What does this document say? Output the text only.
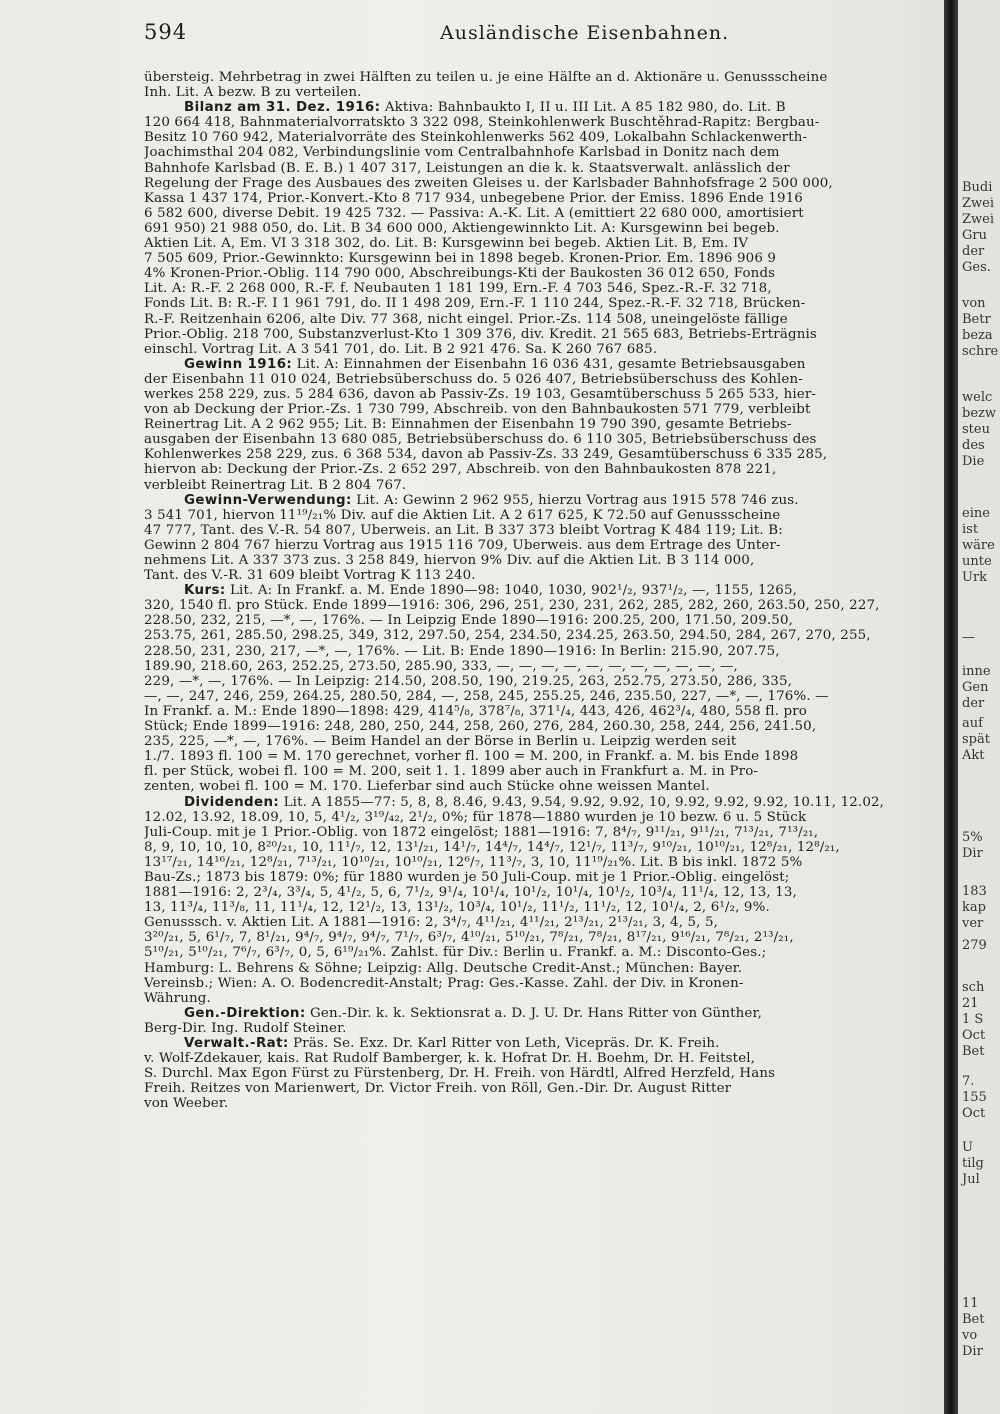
594	Ausländische Eisenbahnen.
übersteig. Mehrbetrag in zwei Hälften zu teilen u. je eine Hälfte an d. Aktionäre u. Genussscheine
Inh. Lit. A bezw. B zu verteilen.
Bilanz am 31. Dez. 1916: Aktiva: Bahnbaukto I, II u. III Lit. A 85 182 980, do. Lit. B
120 664 418, Bahnmaterialvorratskto 3 322 098, Steinkohlenwerk Buschtěhrad-Rapitz: Bergbau-
Besitz 10 760 942, Materialvorräte des Steinkohlenwerks 562 409, Lokalbahn Schlackenwerth-
Joachimsthal 204 082, Verbindungslinie vom Centralbahnhofe Karlsbad in Donitz nach dem
Bahnhofe Karlsbad (B. E. B.) 1 407 317, Leistungen an die k. k. Staatsverwalt. anlässlich der
Regelung der Frage des Ausbaues des zweiten Gleises u. der Karlsbader Bahnhofsfrage 2 500 000,
Kassa 1 437 174, Prior.-Konvert.-Kto 8 717 934, unbegebene Prior. der Emiss. 1896 Ende 1916
6 582 600, diverse Debit. 19 425 732. — Passiva: A.-K. Lit. A (emittiert 22 680 000, amortisiert
691 950) 21 988 050, do. Lit. B 34 600 000, Aktiengewinnkto Lit. A: Kursgewinn bei begeb.
Aktien Lit. A, Em. VI 3 318 302, do. Lit. B: Kursgewinn bei begeb. Aktien Lit. B, Em. IV
7 505 609, Prior.-Gewinnkto: Kursgewinn bei in 1898 begeb. Kronen-Prior. Em. 1896 906 9
4% Kronen-Prior.-Oblig. 114 790 000, Abschreibungs-Kti der Baukosten 36 012 650, Fonds
Lit. A: R.-F. 2 268 000, R.-F. f. Neubauten 1 181 199, Ern.-F. 4 703 546, Spez.-R.-F. 32 718,
Fonds Lit. B: R.-F. I 1 961 791, do. II 1 498 209, Ern.-F. 1 110 244, Spez.-R.-F. 32 718, Brücken-
R.-F. Reitzenhain 6206, alte Div. 77 368, nicht eingel. Prior.-Zs. 114 508, uneingelöste fällige
Prior.-Oblig. 218 700, Substanzverlust-Kto 1 309 376, div. Kredit. 21 565 683, Betriebs-Erträgnis
einschl. Vortrag Lit. A 3 541 701, do. Lit. B 2 921 476. Sa. K 260 767 685.
Gewinn 1916: Lit. A: Einnahmen der Eisenbahn 16 036 431, gesamte Betriebsausgaben
der Eisenbahn 11 010 024, Betriebsüberschuss do. 5 026 407, Betriebsüberschuss des Kohlen-
werkes 258 229, zus. 5 284 636, davon ab Passiv-Zs. 19 103, Gesamtüberschuss 5 265 533, hier-
von ab Deckung der Prior.-Zs. 1 730 799, Abschreib. von den Bahnbaukosten 571 779, verbleibt
Reinertrag Lit. A 2 962 955; Lit. B: Einnahmen der Eisenbahn 19 790 390, gesamte Betriebs-
ausgaben der Eisenbahn 13 680 085, Betriebsüberschuss do. 6 110 305, Betriebsüberschuss des
Kohlenwerkes 258 229, zus. 6 368 534, davon ab Passiv-Zs. 33 249, Gesamtüberschuss 6 335 285,
hiervon ab: Deckung der Prior.-Zs. 2 652 297, Abschreib. von den Bahnbaukosten 878 221,
verbleibt Reinertrag Lit. B 2 804 767.
Gewinn-Verwendung: Lit. A: Gewinn 2 962 955, hierzu Vortrag aus 1915 578 746 zus.
3 541 701, hiervon 11¹⁹/₂₁% Div. auf die Aktien Lit. A 2 617 625, K 72.50 auf Genussscheine
47 777, Tant. des V.-R. 54 807, Überweis. an Lit. B 337 373 bleibt Vortrag K 484 119; Lit. B:
Gewinn 2 804 767 hierzu Vortrag aus 1915 116 709, Überweis. aus dem Ertrage des Unter-
nehmens Lit. A 337 373 zus. 3 258 849, hiervon 9% Div. auf die Aktien Lit. B 3 114 000,
Tant. des V.-R. 31 609 bleibt Vortrag K 113 240.
Kurs: Lit. A: In Frankf. a. M. Ende 1890—98: 1040, 1030, 902¹/₂, 937¹/₂, —, 1155, 1265,
320, 1540 fl. pro Stück. Ende 1899—1916: 306, 296, 251, 230, 231, 262, 285, 282, 260, 263.50, 250, 227,
228.50, 232, 215, —*, —, 176%. — In Leipzig Ende 1890—1916: 200.25, 200, 171.50, 209.50,
253.75, 261, 285.50, 298.25, 349, 312, 297.50, 254, 234.50, 234.25, 263.50, 294.50, 284, 267, 270, 255,
228.50, 231, 230, 217, —*, —, 176%. — Lit. B: Ende 1890—1916: In Berlin: 215.90, 207.75,
189.90, 218.60, 263, 252.25, 273.50, 285.90, 333, —, —, —, —, —, —, —, —, —, —, —,
229, —*, —, 176%. — In Leipzig: 214.50, 208.50, 190, 219.25, 263, 252.75, 273.50, 286, 335,
—, —, 247, 246, 259, 264.25, 280.50, 284, —, 258, 245, 255.25, 246, 235.50, 227, —*, —, 176%. —
In Frankf. a. M.: Ende 1890—1898: 429, 414⁵/₈, 378⁷/₈, 371¹/₄, 443, 426, 462³/₄, 480, 558 fl. pro
Stück; Ende 1899—1916: 248, 280, 250, 244, 258, 260, 276, 284, 260.30, 258, 244, 256, 241.50,
235, 225, —*, —, 176%. — Beim Handel an der Börse in Berlin u. Leipzig werden seit
1./7. 1893 fl. 100 = M. 170 gerechnet, vorher fl. 100 = M. 200, in Frankf. a. M. bis Ende 1898
fl. per Stück, wobei fl. 100 = M. 200, seit 1. 1. 1899 aber auch in Frankfurt a. M. in Pro-
zenten, wobei fl. 100 = M. 170. Lieferbar sind auch Stücke ohne weissen Mantel.
Dividenden: Lit. A 1855—77: 5, 8, 8, 8.46, 9.43, 9.54, 9.92, 9.92, 10, 9.92, 9.92, 9.92, 10.11, 12.02,
12.02, 13.92, 18.09, 10, 5, 4¹/₂, 3¹⁹/₄₂, 2¹/₂, 0%; für 1878—1880 wurden je 10 bezw. 6 u. 5 Stück
Juli-Coup. mit je 1 Prior.-Oblig. von 1872 eingelöst; 1881—1916: 7, 8⁴/₇, 9¹¹/₂₁, 9¹¹/₂₁, 7¹³/₂₁, 7¹³/₂₁,
8, 9, 10, 10, 10, 8²⁰/₂₁, 10, 11¹/₇, 12, 13¹/₂₁, 14¹/₇, 14⁴/₇, 14⁴/₇, 12¹/₇, 11³/₇, 9¹⁰/₂₁, 10¹⁰/₂₁, 12⁸/₂₁, 12⁸/₂₁,
13¹⁷/₂₁, 14¹⁶/₂₁, 12⁸/₂₁, 7¹³/₂₁, 10¹⁰/₂₁, 10¹⁰/₂₁, 12⁶/₇, 11³/₇, 3, 10, 11¹⁹/₂₁%. Lit. B bis inkl. 1872 5%
Bau-Zs.; 1873 bis 1879: 0%; für 1880 wurden je 50 Juli-Coup. mit je 1 Prior.-Oblig. eingelöst;
1881—1916: 2, 2³/₄, 3³/₄, 5, 4¹/₂, 5, 6, 7¹/₂, 9¹/₄, 10¹/₄, 10¹/₂, 10¹/₄, 10¹/₂, 10³/₄, 11¹/₄, 12, 13, 13,
13, 11³/₄, 11³/₈, 11, 11¹/₄, 12, 12¹/₂, 13, 13¹/₂, 10³/₄, 10¹/₂, 11¹/₂, 11¹/₂, 12, 10¹/₄, 2, 6¹/₂, 9%.
Genusssch. v. Aktien Lit. A 1881—1916: 2, 3⁴/₇, 4¹¹/₂₁, 4¹¹/₂₁, 2¹³/₂₁, 2¹³/₂₁, 3, 4, 5, 5,
3²⁰/₂₁, 5, 6¹/₇, 7, 8¹/₂₁, 9⁴/₇, 9⁴/₇, 9⁴/₇, 7¹/₇, 6³/₇, 4¹⁰/₂₁, 5¹⁰/₂₁, 7⁸/₂₁, 7⁸/₂₁, 8¹⁷/₂₁, 9¹⁶/₂₁, 7⁸/₂₁, 2¹³/₂₁,
5¹⁰/₂₁, 5¹⁰/₂₁, 7⁶/₇, 6³/₇, 0, 5, 6¹⁹/₂₁%. Zahlst. für Div.: Berlin u. Frankf. a. M.: Disconto-Ges.;
Hamburg: L. Behrens & Söhne; Leipzig: Allg. Deutsche Credit-Anst.; München: Bayer.
Vereinsb.; Wien: A. Ö. Bodencredit-Anstalt; Prag: Ges.-Kasse. Zahl. der Div. in Kronen-
Währung.
Gen.-Direktion: Gen.-Dir. k. k. Sektionsrat a. D. J. U. Dr. Hans Ritter von Günther,
Berg-Dir. Ing. Rudolf Steiner.
Verwalt.-Rat: Präs. Se. Exz. Dr. Karl Ritter von Leth, Vicepräs. Dr. K. Freih.
v. Wolf-Zdekauer, kais. Rat Rudolf Bamberger, k. k. Hofrat Dr. H. Boehm, Dr. H. Feitstel,
S. Durchl. Max Egon Fürst zu Fürstenberg, Dr. H. Freih. von Härdtl, Alfred Herzfeld, Hans
Freih. Reitzes von Marienwert, Dr. Victor Freih. von Röll, Gen.-Dir. Dr. August Ritter
von Weeber.
Budi
Zwei
Zwei
Gru
der
Ges.
von
Betr
beza
schre
welc
bezw
steu
des
Die
eine
ist
wäre
unte
Urk
—
inne
Gen
der
auf
spät
Akt
5%
Dir
183
kap
ver
279
sch
21
1 S
Oct
Bet
7.
155
Oct
U
tilg
Jul
11
Bet
vo
Dir
